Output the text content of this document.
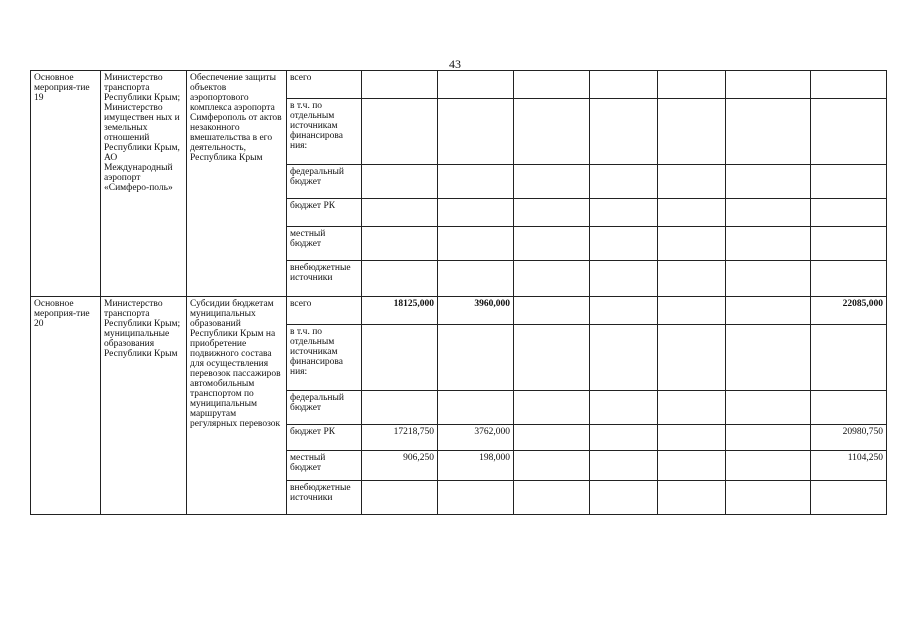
43
Основное мероприя-тие 19	Министерство транспорта Республики Крым; Министерство имуществен ных и земельных отношений Республики Крым, АО Международный аэропорт «Симферо-поль»	Обеспечение защиты объектов аэропортового комплекса аэропорта Симферополь от актов незаконного вмешательства в его деятельность, Республика Крым	всего							
			в т.ч. по отдельным источникам финансирова ния:							
			федеральный бюджет							
			бюджет РК							
			местный бюджет							
			внебюджетные источники							
Основное мероприя-тие 20	Министерство транспорта Республики Крым; муниципальные образования Республики Крым	Субсидии бюджетам муниципальных образований Республики Крым на приобретение подвижного состава для осуществления перевозок пассажиров автомобильным транспортом по муниципальным маршрутам регулярных перевозок	всего	18125,000	3960,000					22085,000
			в т.ч. по отдельным источникам финансирова ния:							
			федеральный бюджет							
			бюджет РК	17218,750	3762,000					20980,750
			местный бюджет	906,250	198,000					1104,250
			внебюджетные источники							
